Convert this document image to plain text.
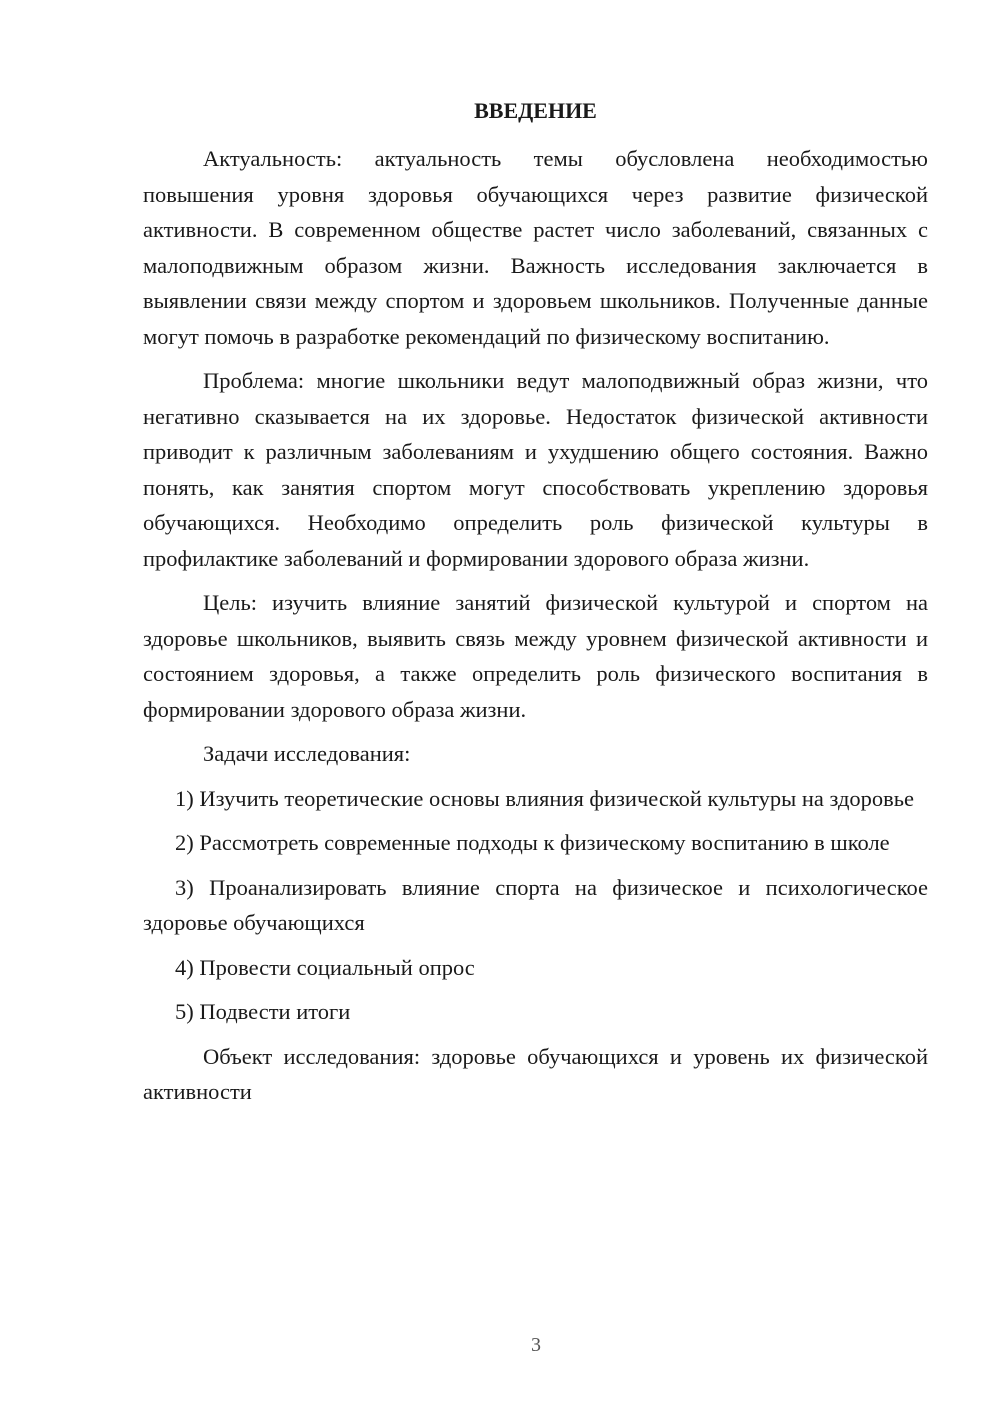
ВВЕДЕНИЕ

Актуальность: актуальность темы обусловлена необходимостью повышения уровня здоровья обучающихся через развитие физической активности. В современном обществе растет число заболеваний, связанных с малоподвижным образом жизни. Важность исследования заключается в выявлении связи между спортом и здоровьем школьников. Полученные данные могут помочь в разработке рекомендаций по физическому воспитанию.

Проблема: многие школьники ведут малоподвижный образ жизни, что негативно сказывается на их здоровье. Недостаток физической активности приводит к различным заболеваниям и ухудшению общего состояния. Важно понять, как занятия спортом могут способствовать укреплению здоровья обучающихся. Необходимо определить роль физической культуры в профилактике заболеваний и формировании здорового образа жизни.

Цель: изучить влияние занятий физической культурой и спортом на здоровье школьников, выявить связь между уровнем физической активности и состоянием здоровья, а также определить роль физического воспитания в формировании здорового образа жизни.

Задачи исследования:

1) Изучить теоретические основы влияния физической культуры на здоровье

2) Рассмотреть современные подходы к физическому воспитанию в школе

3) Проанализировать влияние спорта на физическое и психологическое здоровье обучающихся

4) Провести социальный опрос

5) Подвести итоги

Объект исследования: здоровье обучающихся и уровень их физической активности

3
